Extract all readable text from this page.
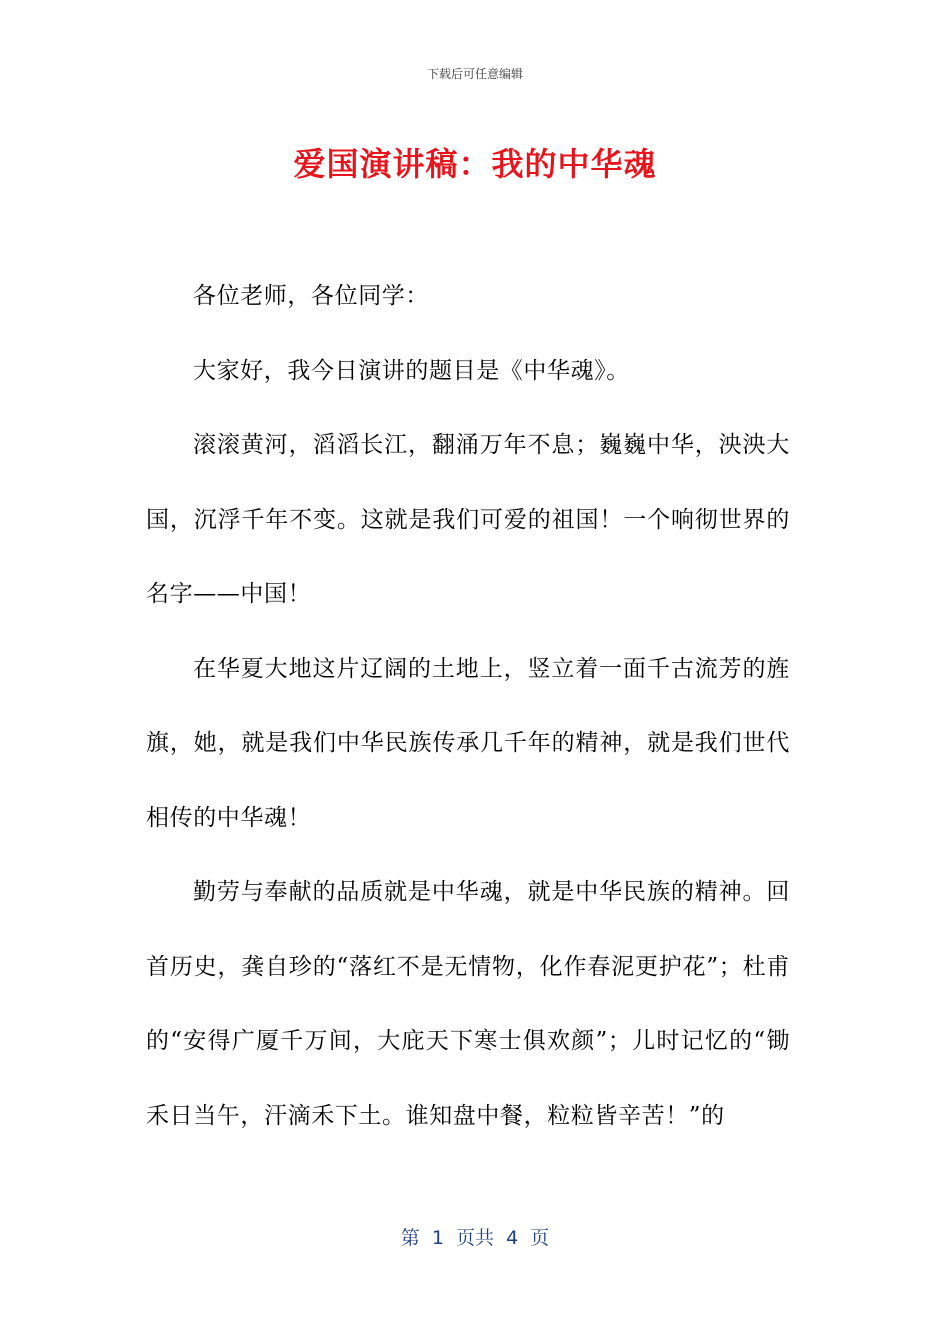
下载后可任意编辑
爱国演讲稿：我的中华魂

各位老师，各位同学：

大家好，我今日演讲的题目是《中华魂》。

滚滚黄河，滔滔长江，翻涌万年不息；巍巍中华，泱泱大国，沉浮千年不变。这就是我们可爱的祖国！一个响彻世界的名字——中国！

在华夏大地这片辽阔的土地上，竖立着一面千古流芳的旌旗，她，就是我们中华民族传承几千年的精神，就是我们世代相传的中华魂！

勤劳与奉献的品质就是中华魂，就是中华民族的精神。回首历史，龚自珍的“落红不是无情物，化作春泥更护花”；杜甫的“安得广厦千万间，大庇天下寒士俱欢颜”；儿时记忆的“锄禾日当午，汗滴禾下土。谁知盘中餐，粒粒皆辛苦！”的

第  1  页共  4  页
